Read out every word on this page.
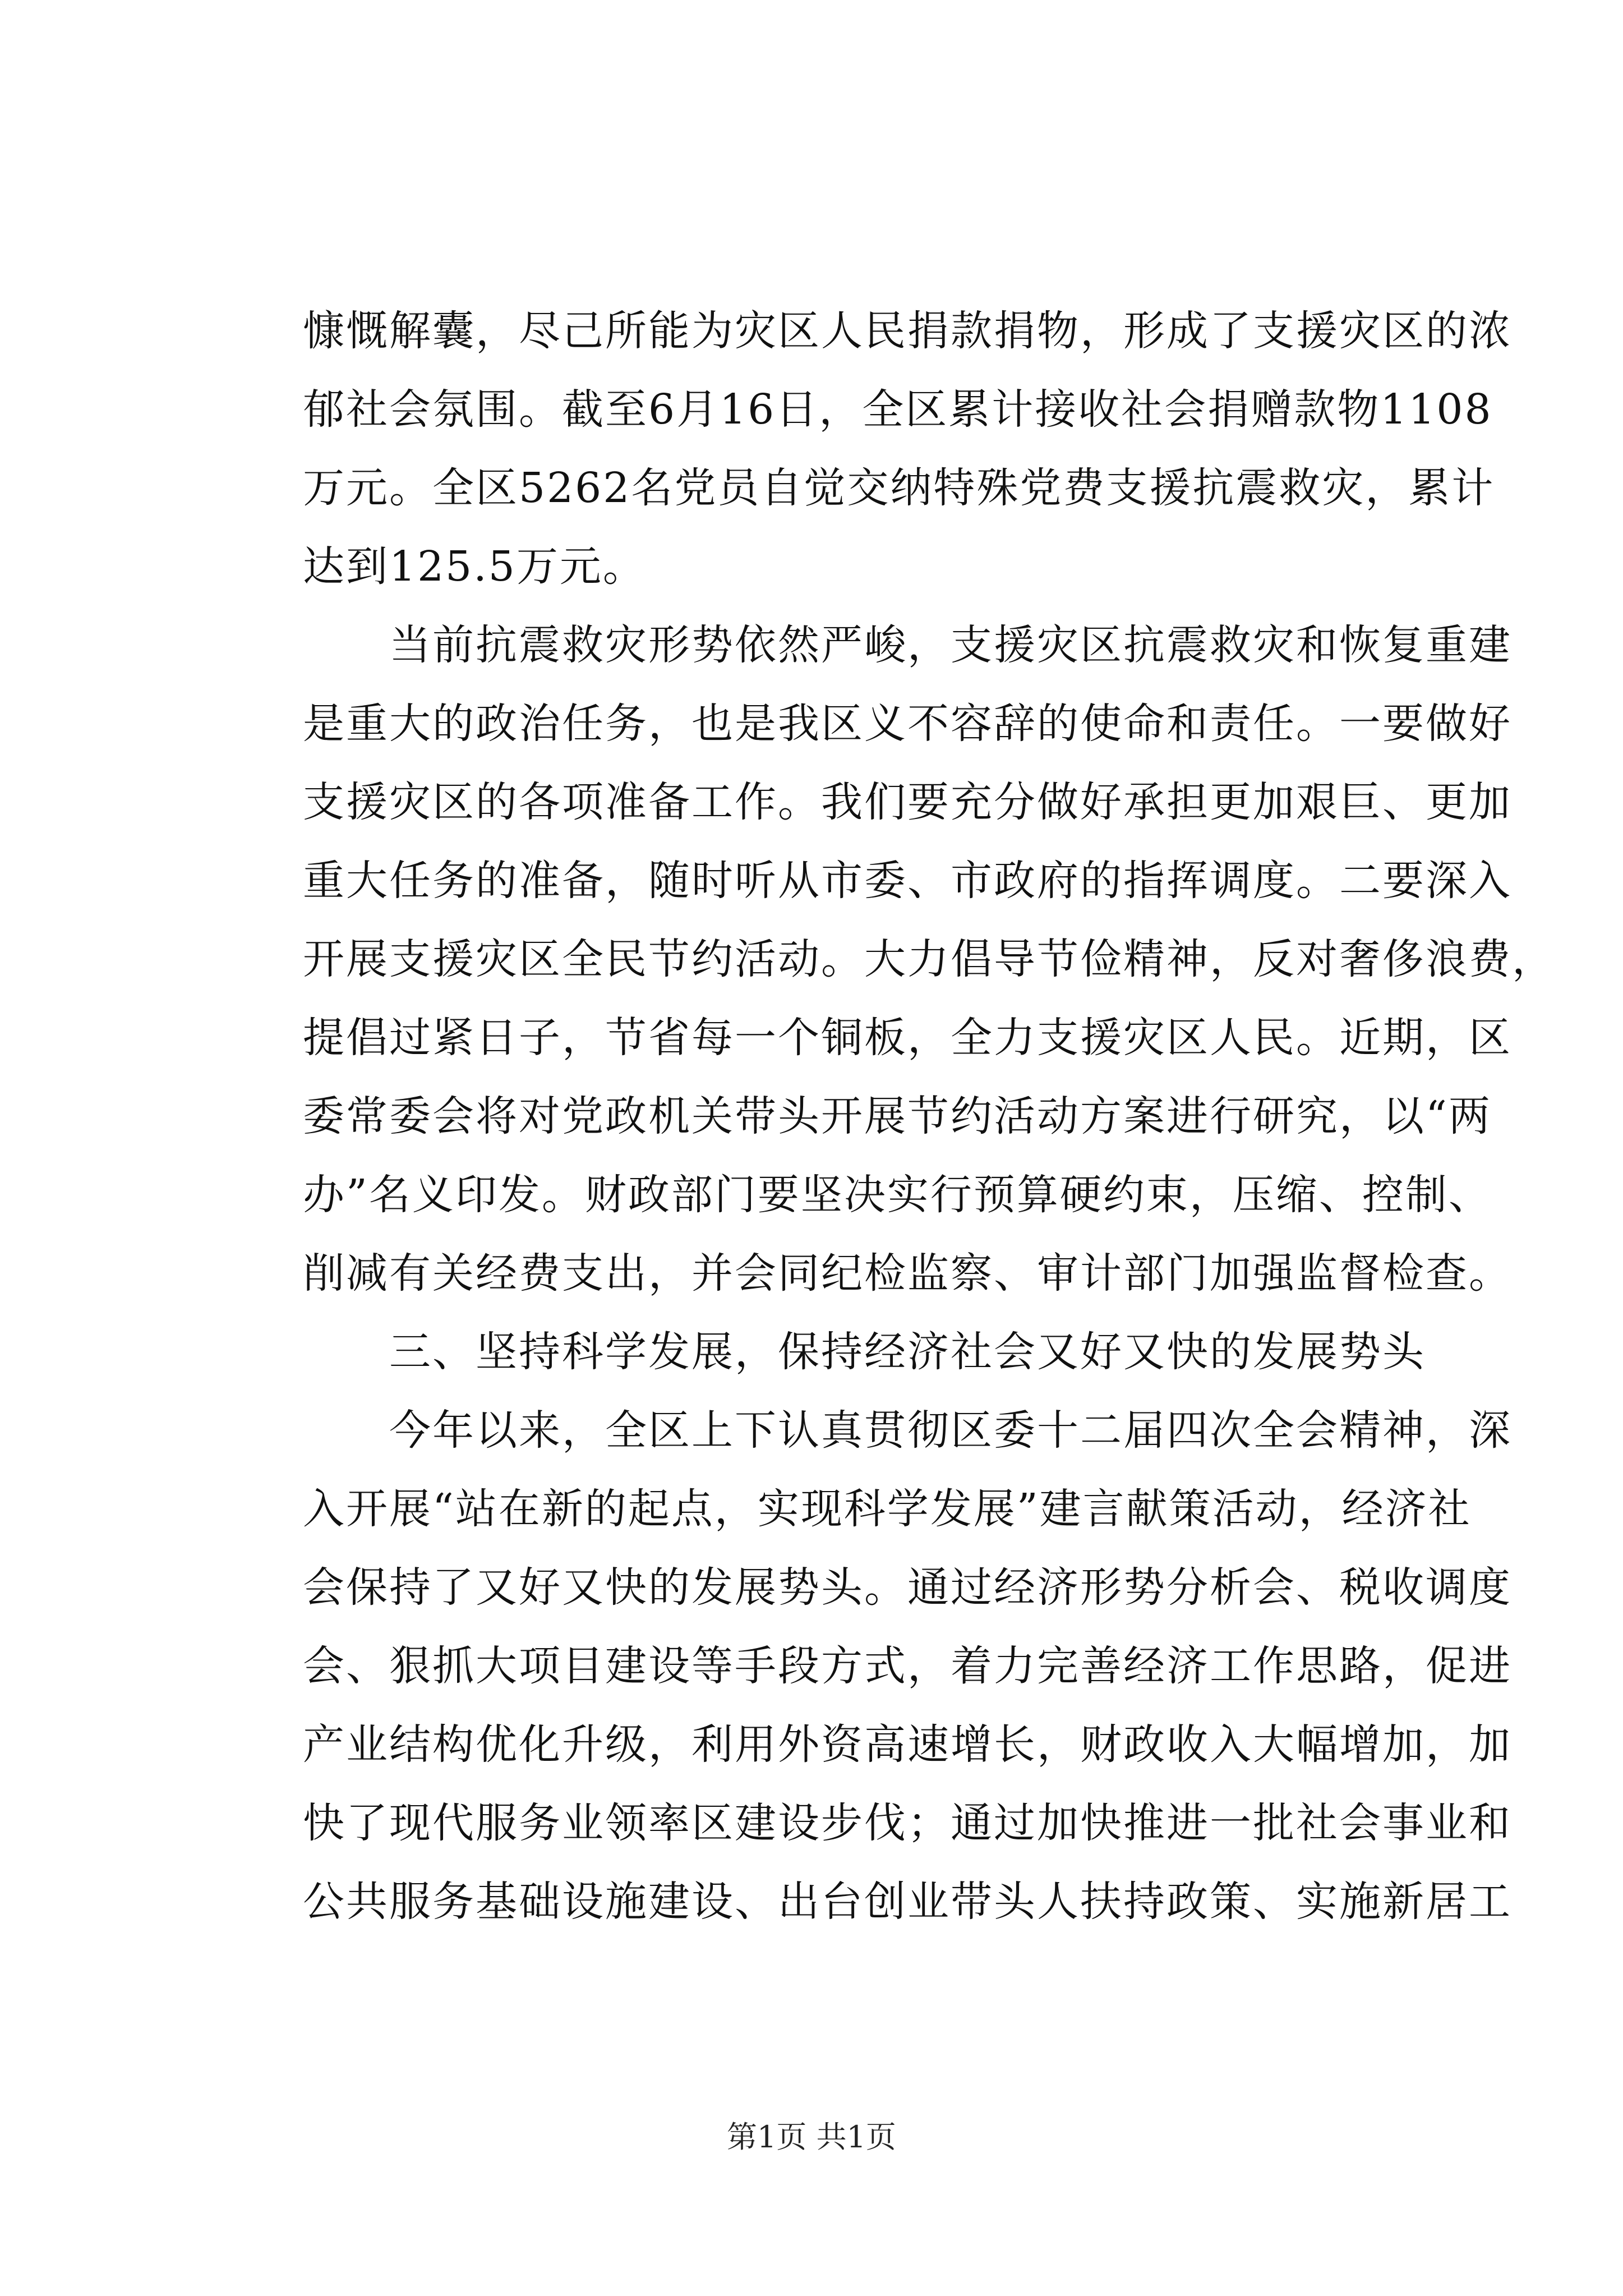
慷慨解囊，尽己所能为灾区人民捐款捐物，形成了支援灾区的浓
郁社会氛围。截至6月16日，全区累计接收社会捐赠款物1108
万元。全区5262名党员自觉交纳特殊党费支援抗震救灾，累计
达到125.5万元。
　　当前抗震救灾形势依然严峻，支援灾区抗震救灾和恢复重建
是重大的政治任务，也是我区义不容辞的使命和责任。一要做好
支援灾区的各项准备工作。我们要充分做好承担更加艰巨、更加
重大任务的准备，随时听从市委、市政府的指挥调度。二要深入
开展支援灾区全民节约活动。大力倡导节俭精神，反对奢侈浪费，
提倡过紧日子，节省每一个铜板，全力支援灾区人民。近期，区
委常委会将对党政机关带头开展节约活动方案进行研究，以“两
办”名义印发。财政部门要坚决实行预算硬约束，压缩、控制、
削减有关经费支出，并会同纪检监察、审计部门加强监督检查。
　　三、坚持科学发展，保持经济社会又好又快的发展势头
　　今年以来，全区上下认真贯彻区委十二届四次全会精神，深
入开展“站在新的起点，实现科学发展”建言献策活动，经济社
会保持了又好又快的发展势头。通过经济形势分析会、税收调度
会、狠抓大项目建设等手段方式，着力完善经济工作思路，促进
产业结构优化升级，利用外资高速增长，财政收入大幅增加，加
快了现代服务业领率区建设步伐；通过加快推进一批社会事业和
公共服务基础设施建设、出台创业带头人扶持政策、实施新居工
第1页 共1页
